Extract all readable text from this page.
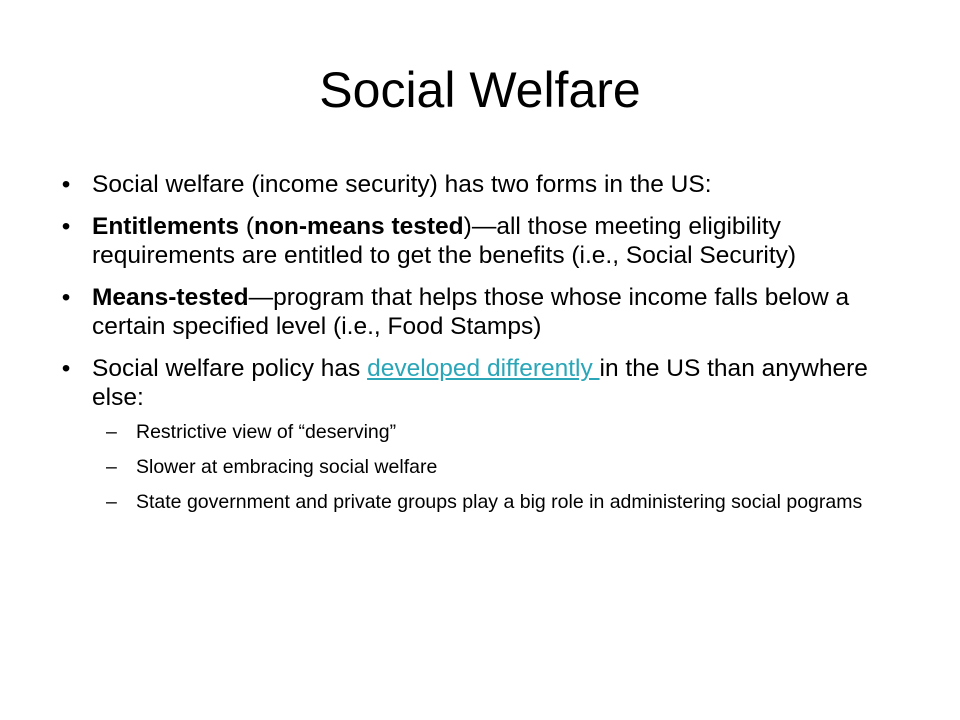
Social Welfare
• Social welfare (income security) has two forms in the US:
• Entitlements (non-means tested)—all those meeting eligibility requirements are entitled to get the benefits (i.e., Social Security)
• Means-tested—program that helps those whose income falls below a certain specified level (i.e., Food Stamps)
• Social welfare policy has developed differently in the US than anywhere else:
– Restrictive view of “deserving”
– Slower at embracing social welfare
– State government and private groups play a big role in administering social pograms
